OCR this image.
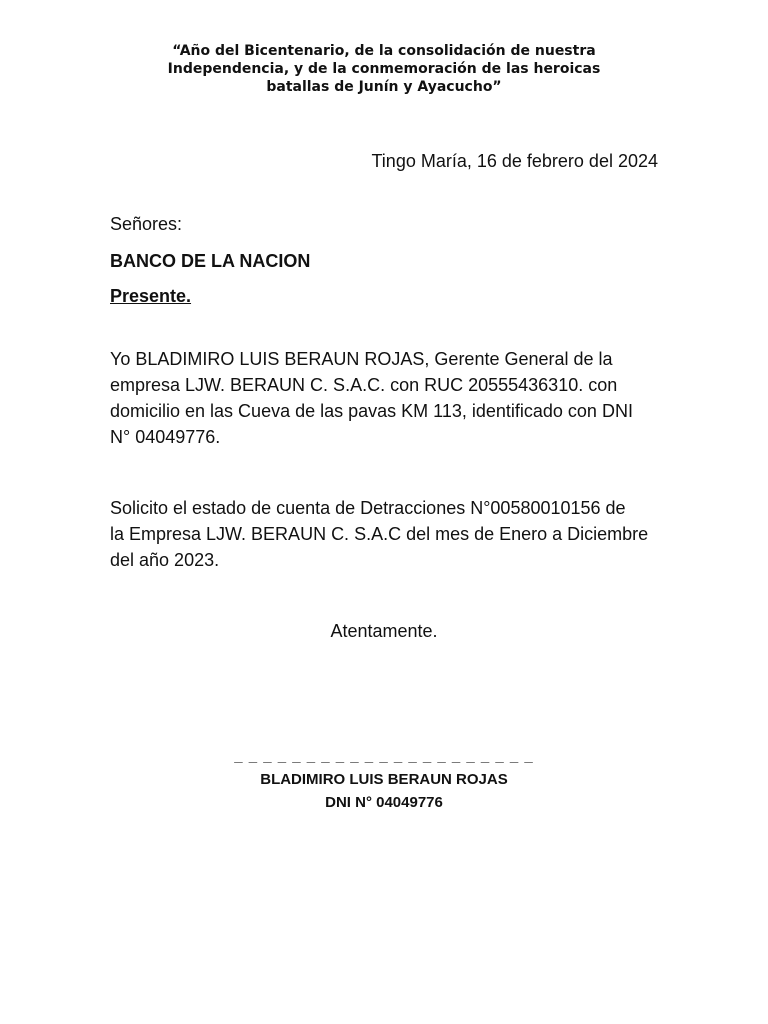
“Año del Bicentenario, de la consolidación de nuestra
Independencia, y de la conmemoración de las heroicas
batallas de Junín y Ayacucho”
Tingo María, 16 de febrero del 2024
Señores:
BANCO DE LA NACION
Presente.
Yo BLADIMIRO LUIS BERAUN ROJAS, Gerente General de la
empresa LJW. BERAUN C. S.A.C. con RUC 20555436310. con
domicilio en las Cueva de las pavas KM 113, identificado con DNI
N° 04049776.
Solicito el estado de cuenta de Detracciones N°00580010156 de
la Empresa LJW. BERAUN C. S.A.C del mes de Enero a Diciembre
del año 2023.
Atentamente.
_ _ _ _ _ _ _ _ _ _ _ _ _ _ _ _ _ _ _ _ _
BLADIMIRO LUIS BERAUN ROJAS
DNI N° 04049776
